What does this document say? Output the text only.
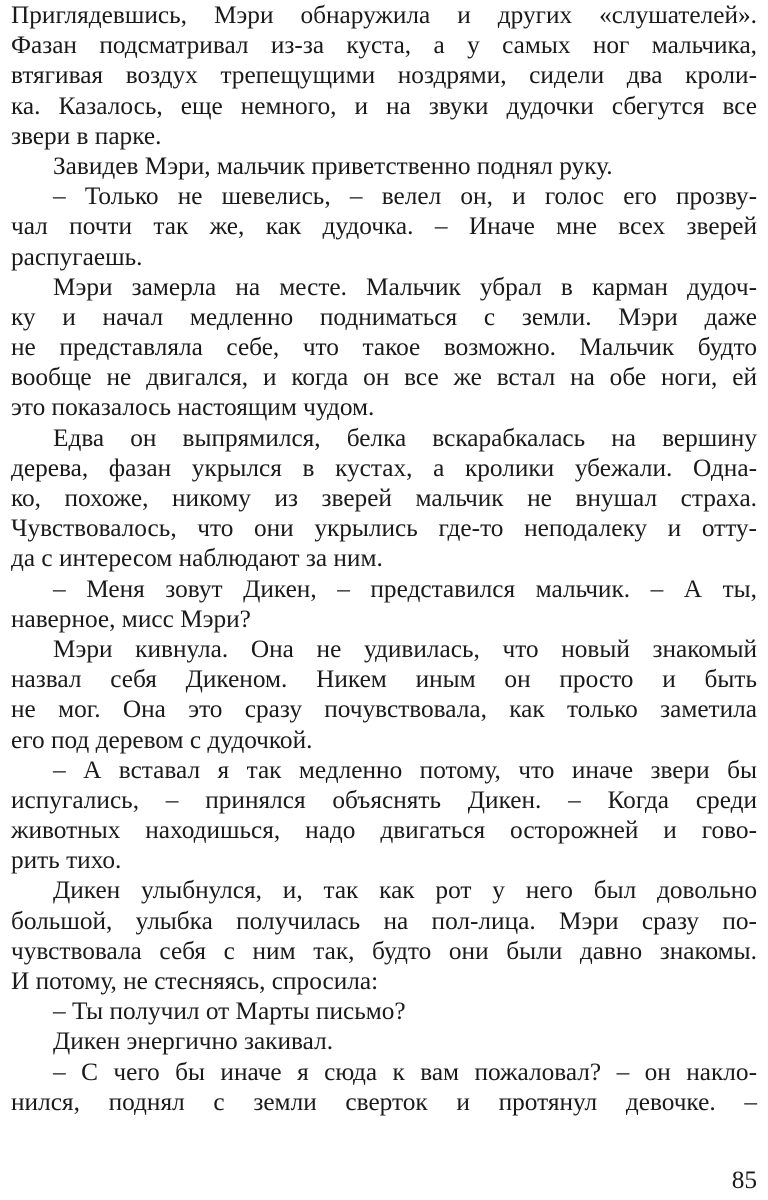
Приглядевшись, Мэри обнаружила и других «слушателей».
Фазан подсматривал из-за куста, а у самых ног мальчика,
втягивая воздух трепещущими ноздрями, сидели два кроли-
ка. Казалось, еще немного, и на звуки дудочки сбегутся все
звери в парке.
Завидев Мэри, мальчик приветственно поднял руку.
– Только не шевелись, – велел он, и голос его прозву-
чал почти так же, как дудочка. – Иначе мне всех зверей
распугаешь.
Мэри замерла на месте. Мальчик убрал в карман дудоч-
ку и начал медленно подниматься с земли. Мэри даже
не представляла себе, что такое возможно. Мальчик будто
вообще не двигался, и когда он все же встал на обе ноги, ей
это показалось настоящим чудом.
Едва он выпрямился, белка вскарабкалась на вершину
дерева, фазан укрылся в кустах, а кролики убежали. Одна-
ко, похоже, никому из зверей мальчик не внушал страха.
Чувствовалось, что они укрылись где-то неподалеку и отту-
да с интересом наблюдают за ним.
– Меня зовут Дикен, – представился мальчик. – А ты,
наверное, мисс Мэри?
Мэри кивнула. Она не удивилась, что новый знакомый
назвал себя Дикеном. Никем иным он просто и быть
не мог. Она это сразу почувствовала, как только заметила
его под деревом с дудочкой.
– А вставал я так медленно потому, что иначе звери бы
испугались, – принялся объяснять Дикен. – Когда среди
животных находишься, надо двигаться осторожней и гово-
рить тихо.
Дикен улыбнулся, и, так как рот у него был довольно
большой, улыбка получилась на пол-лица. Мэри сразу по-
чувствовала себя с ним так, будто они были давно знакомы.
И потому, не стесняясь, спросила:
– Ты получил от Марты письмо?
Дикен энергично закивал.
– С чего бы иначе я сюда к вам пожаловал? – он накло-
нился, поднял с земли сверток и протянул девочке. –
85
